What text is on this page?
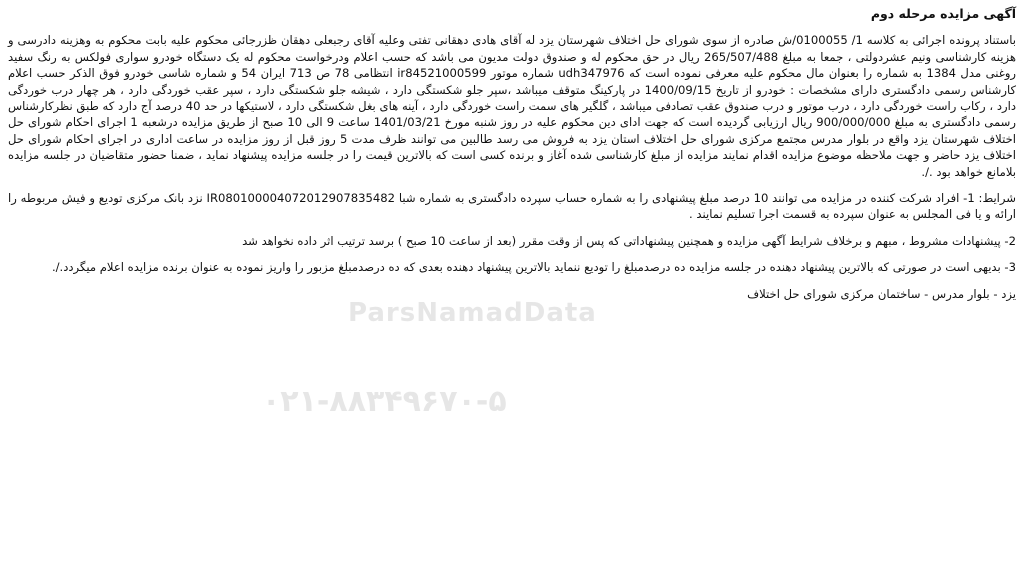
ParsNamadData
۰۲۱-۸۸۳۴۹۶۷۰-۵
آگهی مزایده مرحله دوم

باستناد پرونده اجرائی به کلاسه 1/ 0100055/ش صادره از سوی شورای حل اختلاف شهرستان یزد له آقای هادی دهقانی تفتی وعلیه آقای رجبعلی دهقان ظزرجائی محکوم علیه بابت محکوم به وهزینه دادرسی و هزینه کارشناسی ونیم عشردولتی ، جمعا به مبلغ 265/507/488 ریال در حق محکوم له و صندوق دولت مدیون می باشد که حسب اعلام ودرخواست محکوم له یک دستگاه خودرو سواری فولکس به رنگ سفید روغنی مدل 1384 به شماره را بعنوان مال محکوم علیه معرفی نموده است که udh347976 شماره موتور ir84521000599 انتظامی 78 ص 713 ایران 54 و شماره شاسی خودرو فوق الذکر حسب اعلام کارشناس رسمی دادگستری دارای مشخصات : خودرو از تاریخ 1400/09/15 در پارکینگ متوقف میباشد ،سپر جلو شکستگی دارد ، شیشه جلو شکستگی دارد ، سپر عقب خوردگی دارد ، هر چهار درب خوردگی دارد ، رکاب راست خوردگی دارد ، درب موتور و درب صندوق عقب تصادفی میباشد ، گلگیر های سمت راست خوردگی دارد ، آینه های بغل شکستگی دارد ، لاستیکها در حد 40 درصد آج دارد که طبق نظرکارشناس رسمی دادگستری به مبلغ 900/000/000 ریال ارزیابی گردیده است که جهت ادای دین محکوم علیه در روز شنبه مورخ 1401/03/21 ساعت 9 الی 10 صبح از طریق مزایده درشعبه 1 اجرای احکام شورای حل اختلاف شهرستان یزد واقع در بلوار مدرس مجتمع مرکزی شورای حل اختلاف استان یزد به فروش می رسد طالبین می توانند ظرف مدت 5 روز قبل از روز مزایده در ساعت اداری در اجرای احکام شورای حل اختلاف یزد حاضر و جهت ملاحظه موضوع مزایده اقدام نمایند مزایده از مبلغ کارشناسی شده آغاز و برنده کسی است که بالاترین قیمت را در جلسه مزایده پیشنهاد نماید ، ضمنا حضور متقاضیان در جلسه مزایده بلامانع خواهد بود ./.

شرایط: 1- افراد شرکت کننده در مزایده می توانند 10 درصد مبلغ پیشنهادی را به شماره حساب سپرده دادگستری به شماره شبا IR080100004072012907835482 نزد بانک مرکزی تودیع و فیش مربوطه را ارائه و یا فی المجلس به عنوان سپرده به قسمت اجرا تسلیم نمایند .

2- پیشنهادات مشروط ، مبهم و برخلاف شرایط آگهی مزایده و همچنین پیشنهاداتی که پس از وقت مقرر (بعد از ساعت 10 صبح ) برسد ترتیب اثر داده نخواهد شد

3- بدیهی است در صورتی که بالاترین پیشنهاد دهنده در جلسه مزایده ده درصدمبلغ را تودیع ننماید بالاترین پیشنهاد دهنده بعدی که ده درصدمبلغ مزبور را واریز نموده به عنوان برنده مزایده اعلام میگردد./.

یزد - بلوار مدرس - ساختمان مرکزی شورای حل اختلاف
